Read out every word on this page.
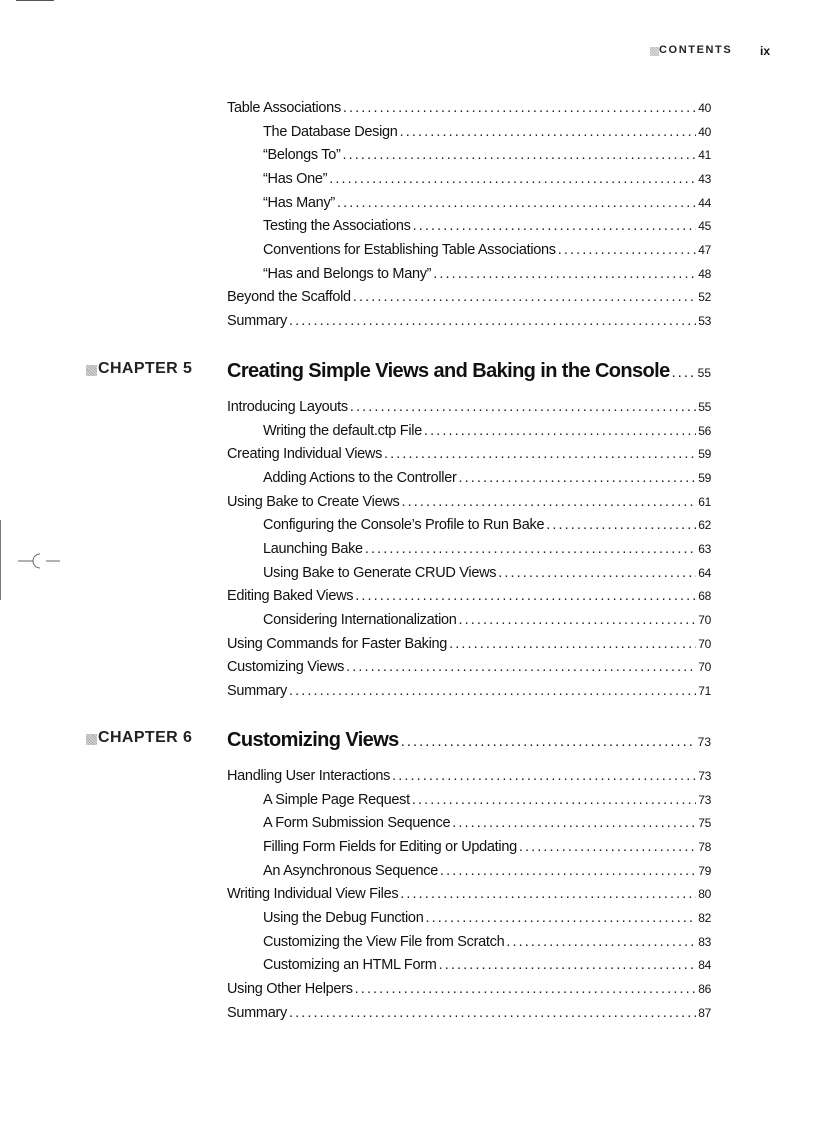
CONTENTS ix
Table Associations .....	40
The Database Design .....	40
“Belongs To” .....	41
“Has One” .....	43
“Has Many” .....	44
Testing the Associations .....	45
Conventions for Establishing Table Associations .....	47
“Has and Belongs to Many” .....	48
Beyond the Scaffold .....	52
Summary .....	53
CHAPTER 5 Creating Simple Views and Baking in the Console ..... 55
Introducing Layouts .....	55
Writing the default.ctp File .....	56
Creating Individual Views .....	59
Adding Actions to the Controller .....	59
Using Bake to Create Views .....	61
Configuring the Console’s Profile to Run Bake .....	62
Launching Bake .....	63
Using Bake to Generate CRUD Views .....	64
Editing Baked Views .....	68
Considering Internationalization .....	70
Using Commands for Faster Baking .....	70
Customizing Views .....	70
Summary .....	71
CHAPTER 6 Customizing Views .....	73
Handling User Interactions .....	73
A Simple Page Request .....	73
A Form Submission Sequence .....	75
Filling Form Fields for Editing or Updating .....	78
An Asynchronous Sequence .....	79
Writing Individual View Files .....	80
Using the Debug Function .....	82
Customizing the View File from Scratch .....	83
Customizing an HTML Form .....	84
Using Other Helpers .....	86
Summary .....	87
